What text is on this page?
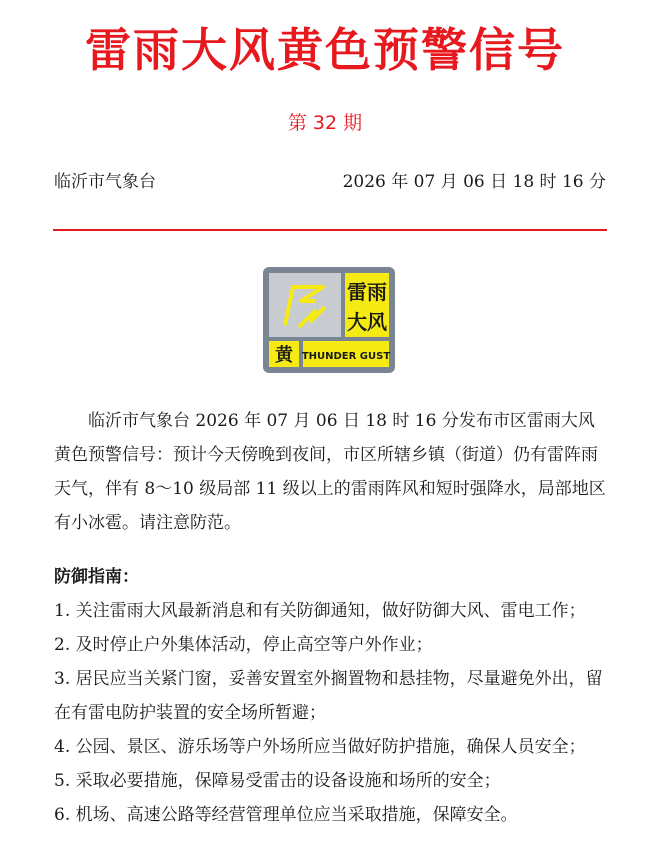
雷雨大风黄色预警信号
第 32 期
临沂市气象台	2026 年 07 月 06 日 18 时 16 分
雷雨
大风
黄 THUNDER GUST
临沂市气象台 2026 年 07 月 06 日 18 时 16 分发布市区雷雨大风黄色预警信号：预计今天傍晚到夜间，市区所辖乡镇（街道）仍有雷阵雨天气，伴有 8～10 级局部 11 级以上的雷雨阵风和短时强降水，局部地区有小冰雹。请注意防范。
防御指南：
1. 关注雷雨大风最新消息和有关防御通知，做好防御大风、雷电工作；
2. 及时停止户外集体活动，停止高空等户外作业；
3. 居民应当关紧门窗，妥善安置室外搁置物和悬挂物，尽量避免外出，留在有雷电防护装置的安全场所暂避；
4. 公园、景区、游乐场等户外场所应当做好防护措施，确保人员安全；
5. 采取必要措施，保障易受雷击的设备设施和场所的安全；
6. 机场、高速公路等经营管理单位应当采取措施，保障安全。
